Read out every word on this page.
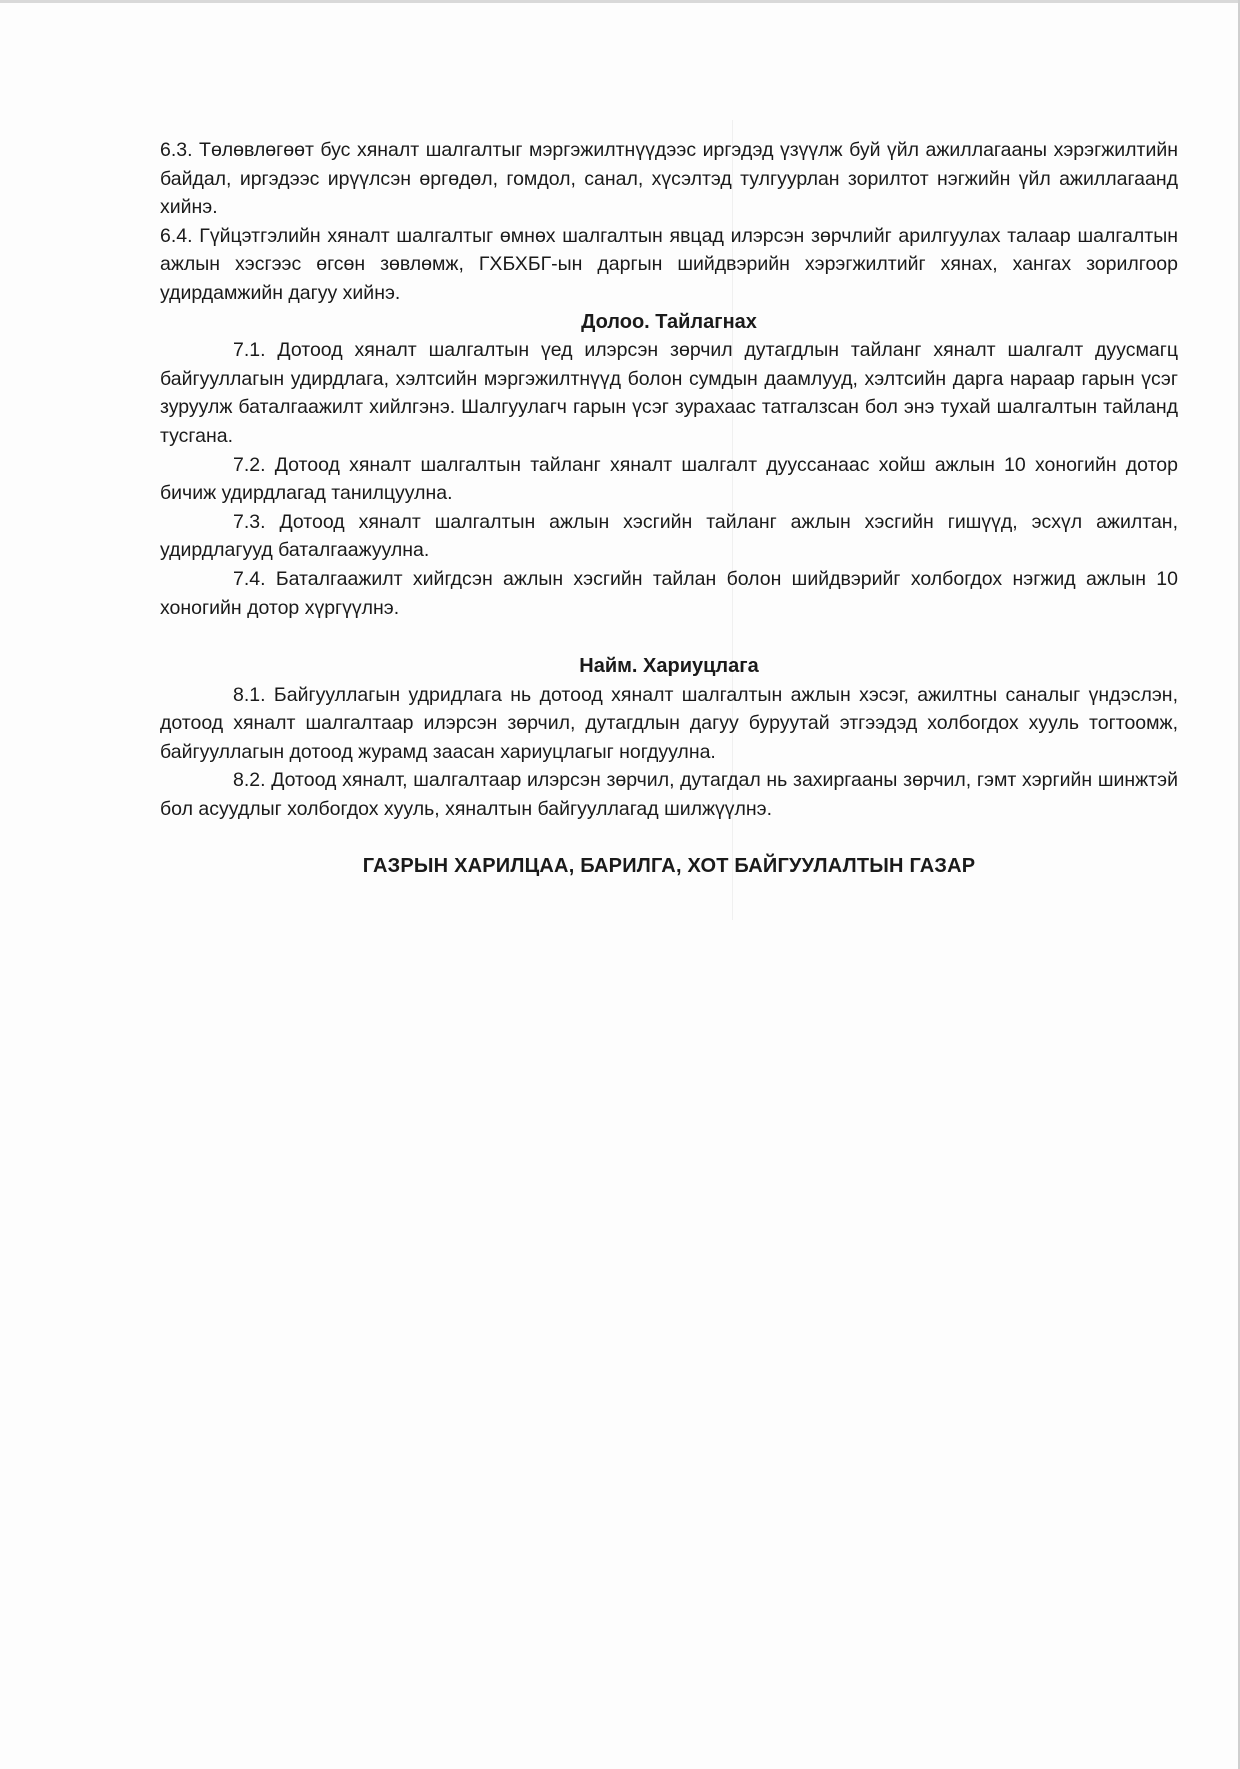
6.3. Төлөвлөгөөт бус хяналт шалгалтыг мэргэжилтнүүдээс иргэдэд үзүүлж буй үйл ажиллагааны хэрэгжилтийн байдал, иргэдээс ирүүлсэн өргөдөл, гомдол, санал, хүсэлтэд тулгуурлан зорилтот нэгжийн үйл ажиллагаанд хийнэ.

6.4. Гүйцэтгэлийн хяналт шалгалтыг өмнөх шалгалтын явцад илэрсэн зөрчлийг арилгуулах талаар шалгалтын ажлын хэсгээс өгсөн зөвлөмж, ГХБХБГ-ын даргын шийдвэрийн хэрэгжилтийг хянах, хангах зорилгоор удирдамжийн дагуу хийнэ.

Долоо. Тайлагнах

7.1. Дотоод хяналт шалгалтын үед илэрсэн зөрчил дутагдлын тайланг хяналт шалгалт дуусмагц байгууллагын удирдлага, хэлтсийн мэргэжилтнүүд болон сумдын даамлууд, хэлтсийн дарга нараар гарын үсэг зуруулж баталгаажилт хийлгэнэ. Шалгуулагч гарын үсэг зурахаас татгалзсан бол энэ тухай шалгалтын тайланд тусгана.

7.2. Дотоод хяналт шалгалтын тайланг хяналт шалгалт дууссанаас хойш ажлын 10 хоногийн дотор бичиж удирдлагад танилцуулна.

7.3. Дотоод хяналт шалгалтын ажлын хэсгийн тайланг ажлын хэсгийн гишүүд, эсхүл ажилтан, удирдлагууд баталгаажуулна.

7.4. Баталгаажилт хийгдсэн ажлын хэсгийн тайлан болон шийдвэрийг холбогдох нэгжид ажлын 10 хоногийн дотор хүргүүлнэ.

Найм. Хариуцлага

8.1. Байгууллагын удридлага нь дотоод хяналт шалгалтын ажлын хэсэг, ажилтны саналыг үндэслэн, дотоод хяналт шалгалтаар илэрсэн зөрчил, дутагдлын дагуу буруутай этгээдэд холбогдох хууль тогтоомж, байгууллагын дотоод журамд заасан хариуцлагыг ногдуулна.

8.2. Дотоод хяналт, шалгалтаар илэрсэн зөрчил, дутагдал нь захиргааны зөрчил, гэмт хэргийн шинжтэй бол асуудлыг холбогдох хууль, хяналтын байгууллагад шилжүүлнэ.

ГАЗРЫН ХАРИЛЦАА, БАРИЛГА, ХОТ БАЙГУУЛАЛТЫН ГАЗАР
